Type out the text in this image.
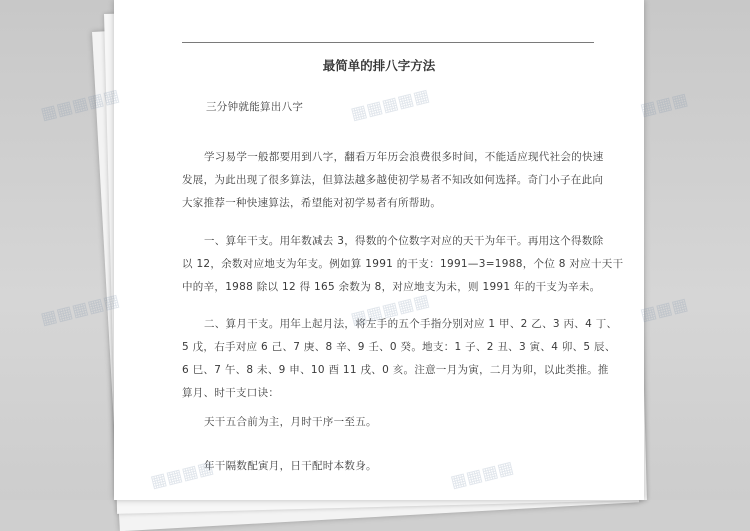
最简单的排八字方法
三分钟就能算出八字
学习易学一般都要用到八字，翻看万年历会浪费很多时间，不能适应现代社会的快速
发展，为此出现了很多算法，但算法越多越使初学易者不知改如何选择。奇门小子在此向
大家推荐一种快速算法，希望能对初学易者有所帮助。
一、算年干支。用年数减去 3，得数的个位数字对应的天干为年干。再用这个得数除
以 12，余数对应地支为年支。例如算 1991 的干支：1991—3=1988，个位 8 对应十天干
中的辛，1988 除以 12 得 165 余数为 8，对应地支为未，则 1991 年的干支为辛未。
二、算月干支。用年上起月法，将左手的五个手指分别对应 1 甲、2 乙、3 丙、4 丁、
5 戊，右手对应 6 己、7 庚、8 辛、9 壬、0 癸。地支：1 子、2 丑、3 寅、4 卯、5 辰、
6 巳、7 午、8 未、9 申、10 酉 11 戌、0 亥。注意一月为寅，二月为卯，以此类推。推
算月、时干支口诀：
天干五合前为主，月时干序一至五。
年干隔数配寅月，日干配时本数身。
▦▦▦▦▦	▦▦▦▦▦	▦▦▦
▦▦▦▦▦	▦▦▦▦▦	▦▦▦
▦▦▦▦	▦▦▦▦
